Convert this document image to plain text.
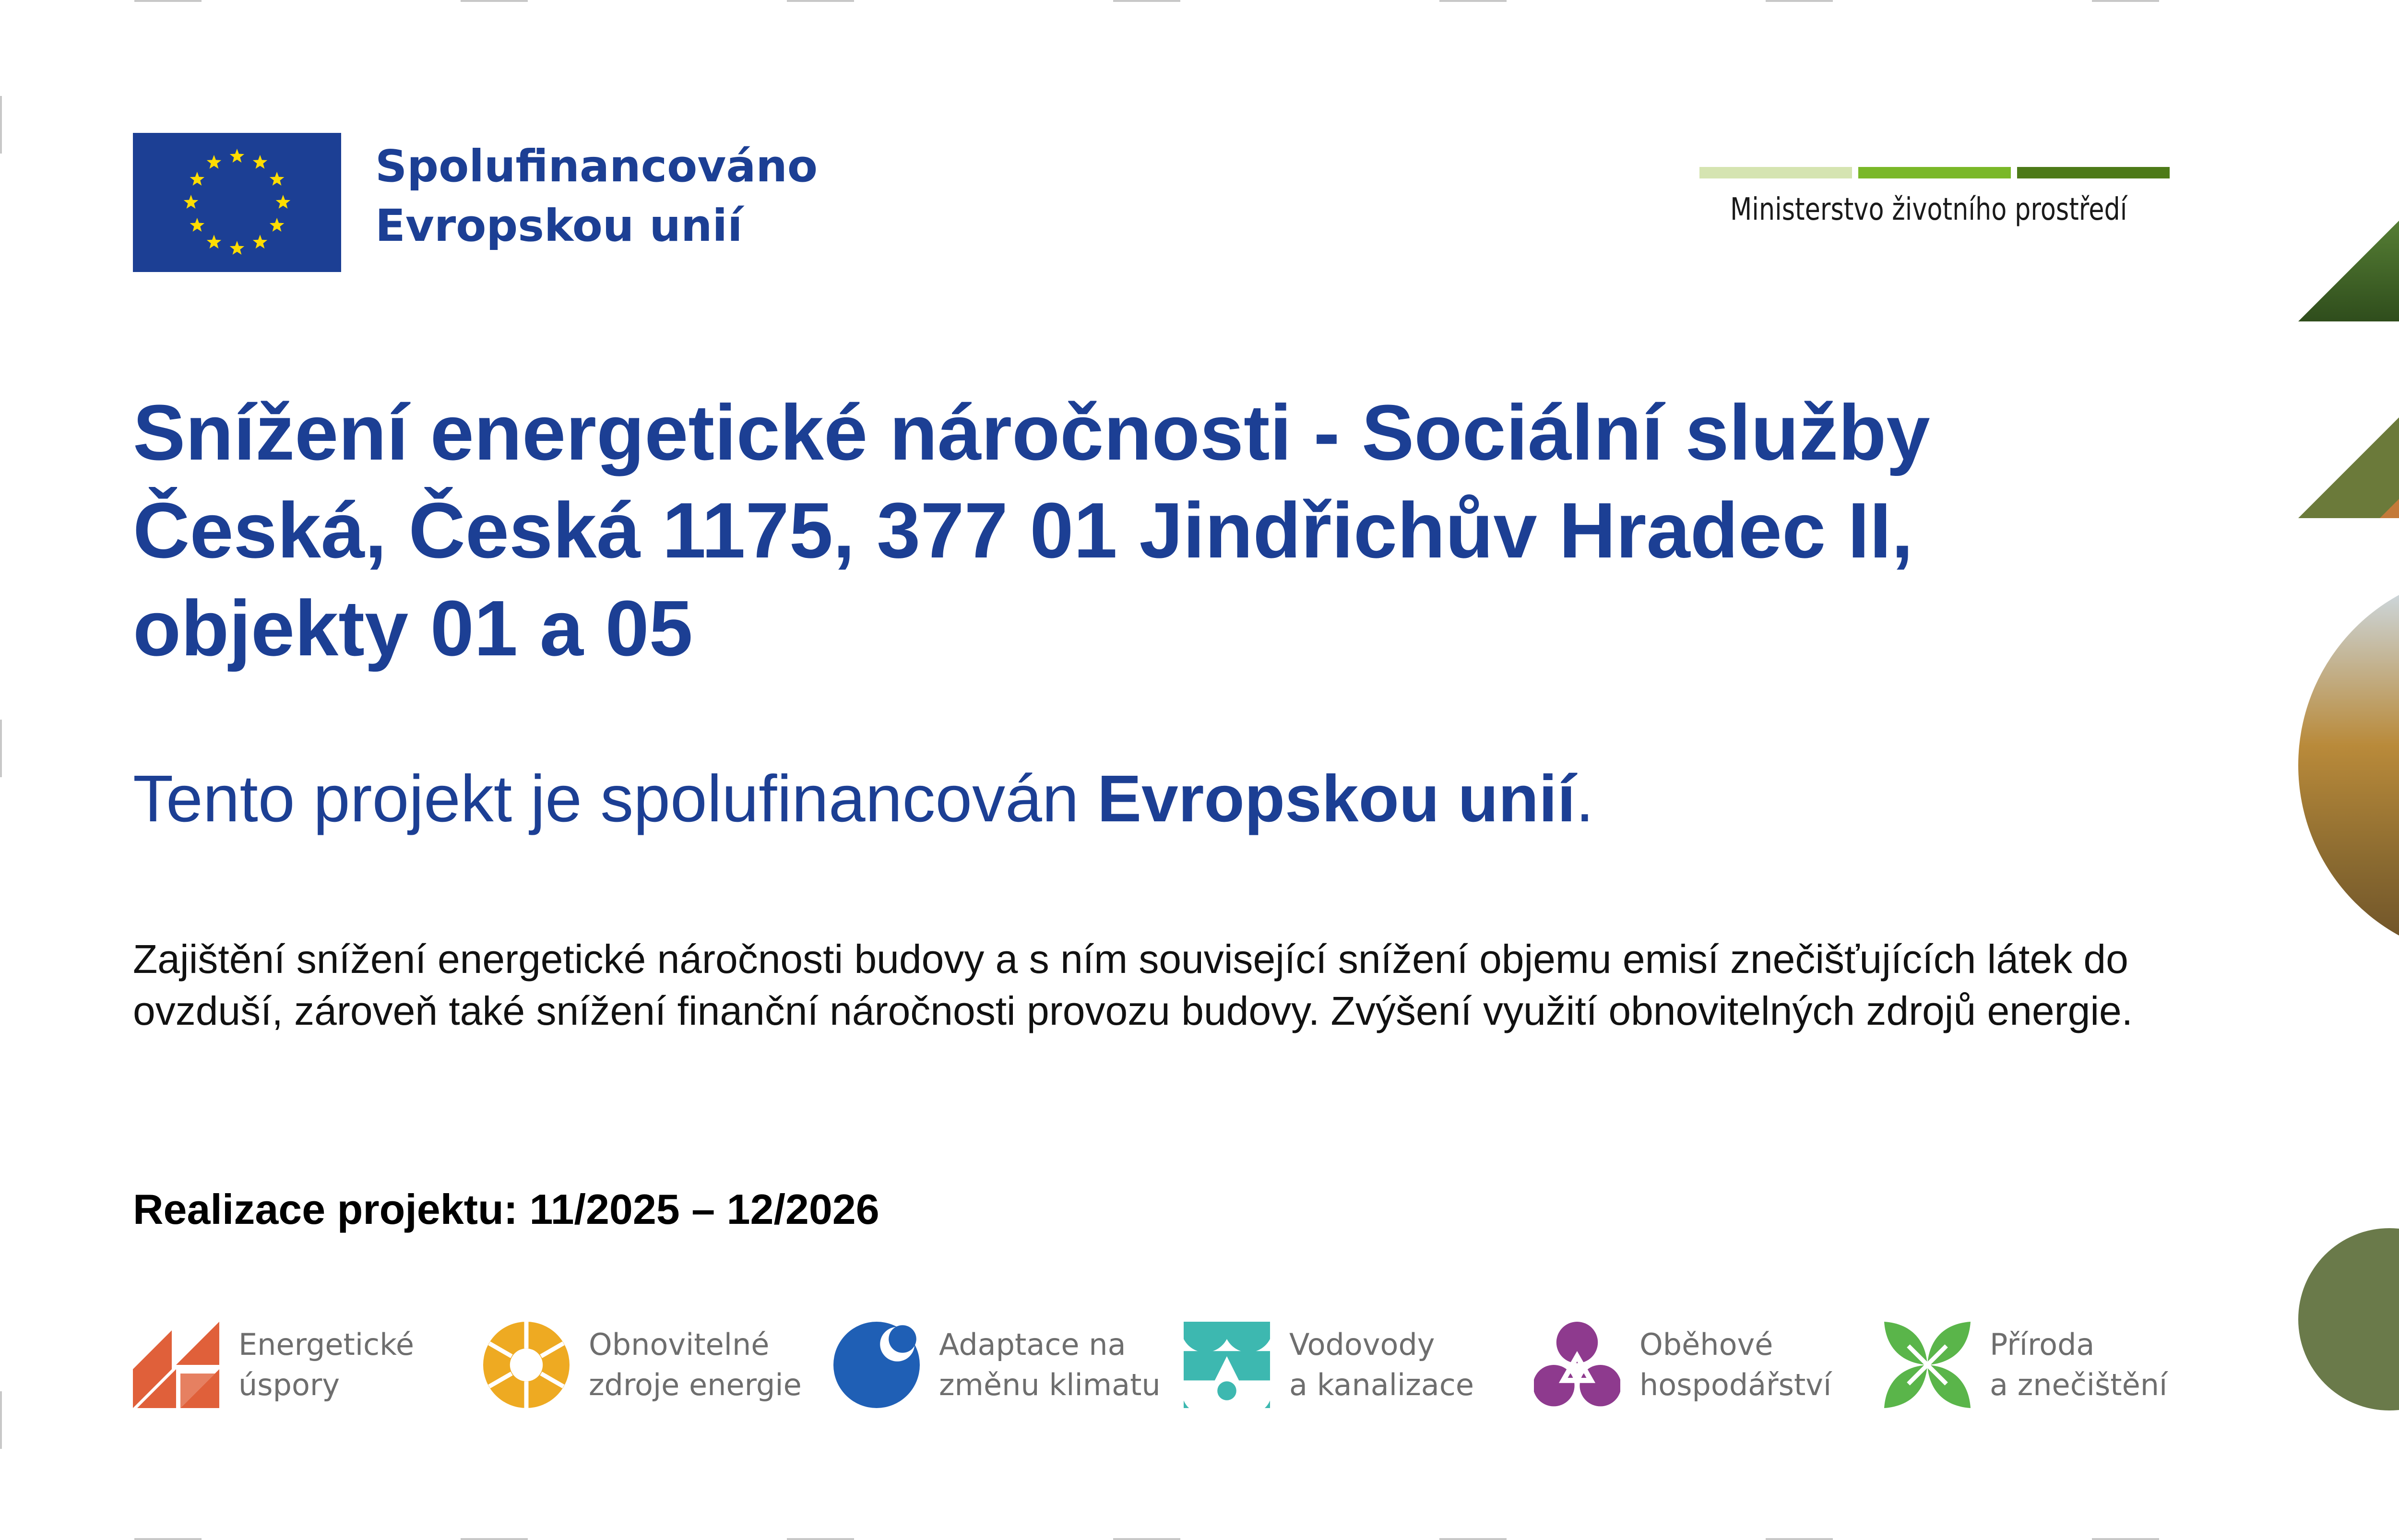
Spolufinancováno
Evropskou unií	Ministerstvo životního prostředí
Snížení energetické náročnosti - Sociální služby
Česká, Česká 1175, 377 01 Jindřichův Hradec II,
objekty 01 a 05
Tento projekt je spolufinancován Evropskou unií.
Zajištění snížení energetické náročnosti budovy a s ním související snížení objemu emisí znečišťujících látek do
ovzduší, zároveň také snížení finanční náročnosti provozu budovy. Zvýšení využití obnovitelných zdrojů energie.
Realizace projektu: 11/2025 – 12/2026
Energetické
úspory
Obnovitelné
zdroje energie
Adaptace na
změnu klimatu
Vodovody
a kanalizace
Oběhové
hospodářství
Příroda
a znečištění
